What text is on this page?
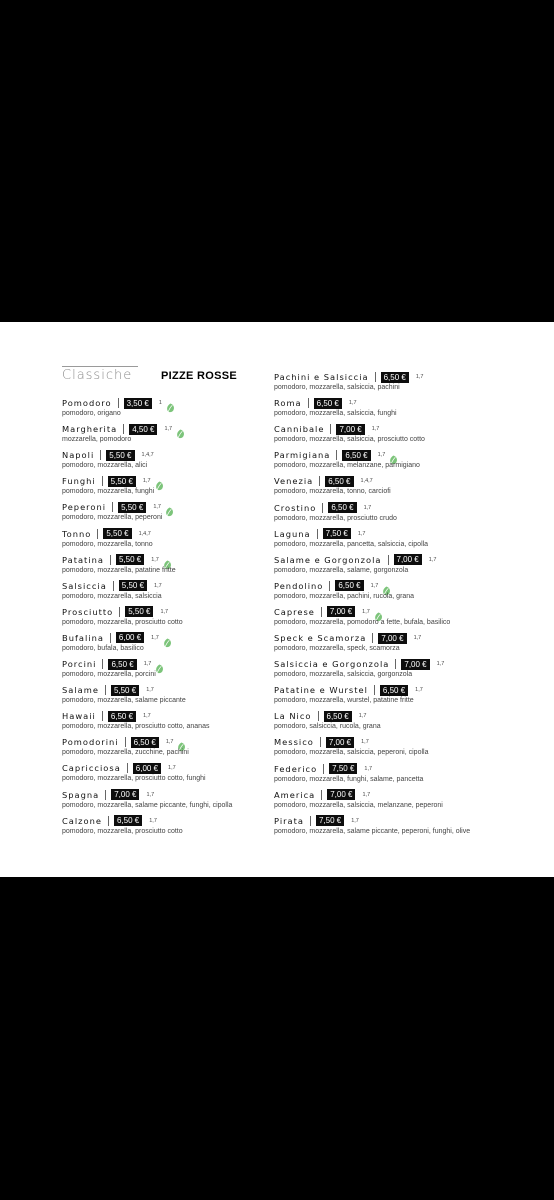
Classiche	PIZZE ROSSE
Pomodoro	3,50 €	1
pomodoro, origano
Margherita	4,50 €	1,7
mozzarella, pomodoro
Napoli	5,50 €	1,4,7
pomodoro, mozzarella, alici
Funghi	5,50 €	1,7
pomodoro, mozzarella, funghi
Peperoni	5,50 €	1,7
pomodoro, mozzarella, peperoni
Tonno	5,50 €	1,4,7
pomodoro, mozzarella, tonno
Patatina	5,50 €	1,7
pomodoro, mozzarella, patatine fritte
Salsiccia	5,50 €	1,7
pomodoro, mozzarella, salsiccia
Prosciutto	5,50 €	1,7
pomodoro, mozzarella, prosciutto cotto
Bufalina	6,00 €	1,7
pomodoro, bufala, basilico
Porcini	6,50 €	1,7
pomodoro, mozzarella, porcini
Salame	5,50 €	1,7
pomodoro, mozzarella, salame piccante
Hawaii	6,50 €	1,7
pomodoro, mozzarella, prosciutto cotto, ananas
Pomodorini	6,50 €	1,7
pomodoro, mozzarella, zucchine, pachini
Capricciosa	6,00 €	1,7
pomodoro, mozzarella, prosciutto cotto, funghi
Spagna	7,00 €	1,7
pomodoro, mozzarella, salame piccante, funghi, cipolla
Calzone	6,50 €	1,7
pomodoro, mozzarella, prosciutto cotto
Pachini e Salsiccia	6,50 €	1,7
pomodoro, mozzarella, salsiccia, pachini
Roma	6,50 €	1,7
pomodoro, mozzarella, salsiccia, funghi
Cannibale	7,00 €	1,7
pomodoro, mozzarella, salsiccia, prosciutto cotto
Parmigiana	6,50 €	1,7
pomodoro, mozzarella, melanzane, parmigiano
Venezia	6,50 €	1,4,7
pomodoro, mozzarella, tonno, carciofi
Crostino	6,50 €	1,7
pomodoro, mozzarella, prosciutto crudo
Laguna	7,50 €	1,7
pomodoro, mozzarella, pancetta, salsiccia, cipolla
Salame e Gorgonzola	7,00 €	1,7
pomodoro, mozzarella, salame, gorgonzola
Pendolino	6,50 €	1,7
pomodoro, mozzarella, pachini, rucola, grana
Caprese	7,00 €	1,7
pomodoro, mozzarella, pomodoro a fette, bufala, basilico
Speck e Scamorza	7,00 €	1,7
pomodoro, mozzarella, speck, scamorza
Salsiccia e Gorgonzola	7,00 €	1,7
pomodoro, mozzarella, salsiccia, gorgonzola
Patatine e Wurstel	6,50 €	1,7
pomodoro, mozzarella, wurstel, patatine fritte
La Nico	6,50 €	1,7
pomodoro, salsiccia, rucola, grana
Messico	7,00 €	1,7
pomodoro, mozzarella, salsiccia, peperoni, cipolla
Federico	7,50 €	1,7
pomodoro, mozzarella, funghi, salame, pancetta
America	7,00 €	1,7
pomodoro, mozzarella, salsiccia, melanzane, peperoni
Pirata	7,50 €	1,7
pomodoro, mozzarella, salame piccante, peperoni, funghi, olive
